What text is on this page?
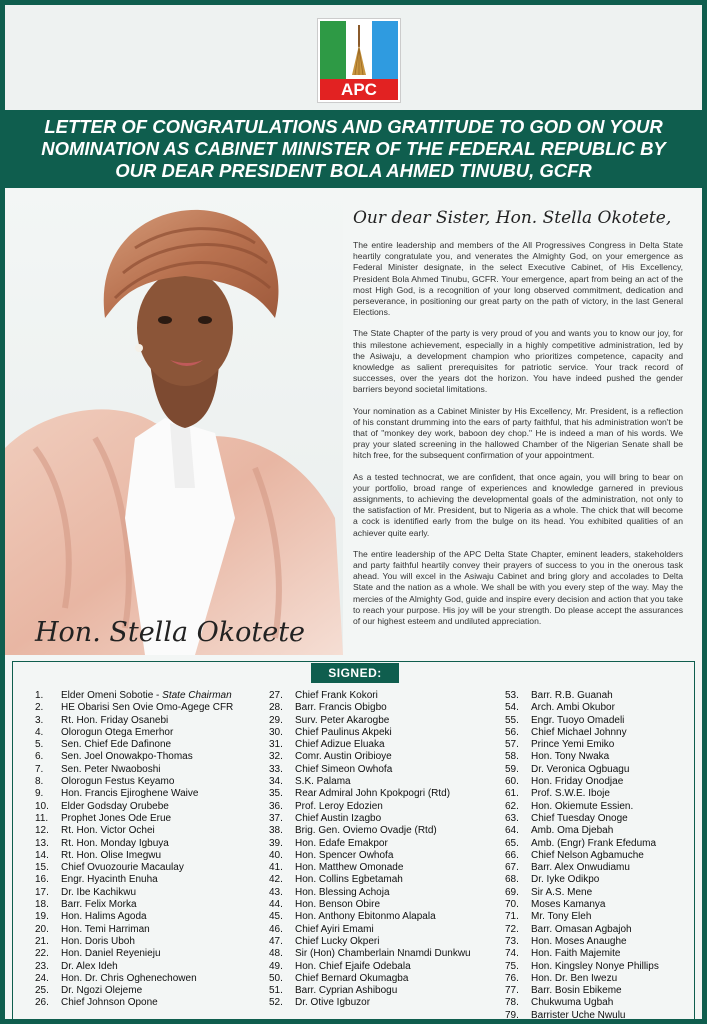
APC
LETTER OF CONGRATULATIONS AND GRATITUDE TO GOD ON YOUR NOMINATION AS CABINET MINISTER OF THE FEDERAL REPUBLIC BY OUR DEAR PRESIDENT BOLA AHMED TINUBU, GCFR
Hon. Stella Okotete

Our dear Sister, Hon. Stella Okotete,

The entire leadership and members of the All Progressives Congress in Delta State heartily congratulate you, and venerates the Almighty God, on your emergence as Federal Minister designate, in the select Executive Cabinet, of His Excellency, President Bola Ahmed Tinubu, GCFR. Your emergence, apart from being an act of the most High God, is a recognition of your long observed commitment, dedication and perseverance, in positioning our great party on the path of victory, in the last General Elections.

The State Chapter of the party is very proud of you and wants you to know our joy, for this milestone achievement, especially in a highly competitive administration, led by the Asiwaju, a development champion who prioritizes competence, capacity and knowledge as salient prerequisites for patriotic service. Your track record of successes, over the years dot the horizon. You have indeed pushed the gender barriers beyond societal limitations.

Your nomination as a Cabinet Minister by His Excellency, Mr. President, is a reflection of his constant drumming into the ears of party faithful, that his administration won't be that of "monkey dey work, baboon dey chop." He is indeed a man of his words. We pray your slated screening in the hallowed Chamber of the Nigerian Senate shall be hitch free, for the subsequent confirmation of your appointment.

As a tested technocrat, we are confident, that once again, you will bring to bear on your portfolio, broad range of experiences and knowledge garnered in previous assignments, to achieving the developmental goals of the administration, not only to the satisfaction of Mr. President, but to Nigeria as a whole. The chick that will become a cock is identified early from the bulge on its head. You exhibited qualities of an achiever quite early.

The entire leadership of the APC Delta State Chapter, eminent leaders, stakeholders and party faithful heartily convey their prayers of success to you in the onerous task ahead. You will excel in the Asiwaju Cabinet and bring glory and accolades to Delta State and the nation as a whole. We shall be with you every step of the way. May the mercies of the Almighty God, guide and inspire every decision and action that you take to reach your purpose. His joy will be your strength. Do please accept the assurances of our highest esteem and undiluted appreciation.

SIGNED:
1. Elder Omeni Sobotie - State Chairman
2. HE Obarisi Sen Ovie Omo-Agege CFR
3. Rt. Hon. Friday Osanebi
4. Olorogun Otega Emerhor
5. Sen. Chief Ede Dafinone
6. Sen. Joel Onowakpo-Thomas
7. Sen. Peter Nwaoboshi
8. Olorogun Festus Keyamo
9. Hon. Francis Ejiroghene Waive
10. Elder Godsday Orubebe
11. Prophet Jones Ode Erue
12. Rt. Hon. Victor Ochei
13. Rt. Hon. Monday Igbuya
14. Rt. Hon. Olise Imegwu
15. Chief Ovuozourie Macaulay
16. Engr. Hyacinth Enuha
17. Dr. Ibe Kachikwu
18. Barr. Felix Morka
19. Hon. Halims Agoda
20. Hon. Temi Harriman
21. Hon. Doris Uboh
22. Hon. Daniel Reyenieju
23. Dr. Alex Ideh
24. Hon. Dr. Chris Oghenechowen
25. Dr. Ngozi Olejeme
26. Chief Johnson Opone
27. Chief Frank Kokori
28. Barr. Francis Obigbo
29. Surv. Peter Akarogbe
30. Chief Paulinus Akpeki
31. Chief Adizue Eluaka
32. Comr. Austin Oribioye
33. Chief Simeon Owhofa
34. S.K. Palama
35. Rear Admiral John Kpokpogri (Rtd)
36. Prof. Leroy Edozien
37. Chief Austin Izagbo
38. Brig. Gen. Oviemo Ovadje (Rtd)
39. Hon. Edafe Emakpor
40. Hon. Spencer Owhofa
41. Hon. Matthew Omonade
42. Hon. Collins Egbetamah
43. Hon. Blessing Achoja
44. Hon. Benson Obire
45. Hon. Anthony Ebitonmo Alapala
46. Chief Ayiri Emami
47. Chief Lucky Okperi
48. Sir (Hon) Chamberlain Nnamdi Dunkwu
49. Hon. Chief Ejaife Odebala
50. Chief Bernard Okumagba
51. Barr. Cyprian Ashibogu
52. Dr. Otive Igbuzor
53. Barr. R.B. Guanah
54. Arch. Ambi Okubor
55. Engr. Tuoyo Omadeli
56. Chief Michael Johnny
57. Prince Yemi Emiko
58. Hon. Tony Nwaka
59. Dr. Veronica Ogbuagu
60. Hon. Friday Onodjae
61. Prof. S.W.E. Iboje
62. Hon. Okiemute Essien.
63. Chief Tuesday Onoge
64. Amb. Oma Djebah
65. Amb. (Engr) Frank Efeduma
66. Chief Nelson Agbamuche
67. Barr. Alex Onwudiamu
68. Dr. Iyke Odikpo
69. Sir A.S. Mene
70. Moses Kamanya
71. Mr. Tony Eleh
72. Barr. Omasan Agbajoh
73. Hon. Moses Anaughe
74. Hon. Faith Majemite
75. Hon. Kingsley Nonye Phillips
76. Hon. Dr. Ben Iwezu
77. Barr. Bosin Ebikeme
78. Chukwuma Ugbah
79. Barrister Uche Nwulu
